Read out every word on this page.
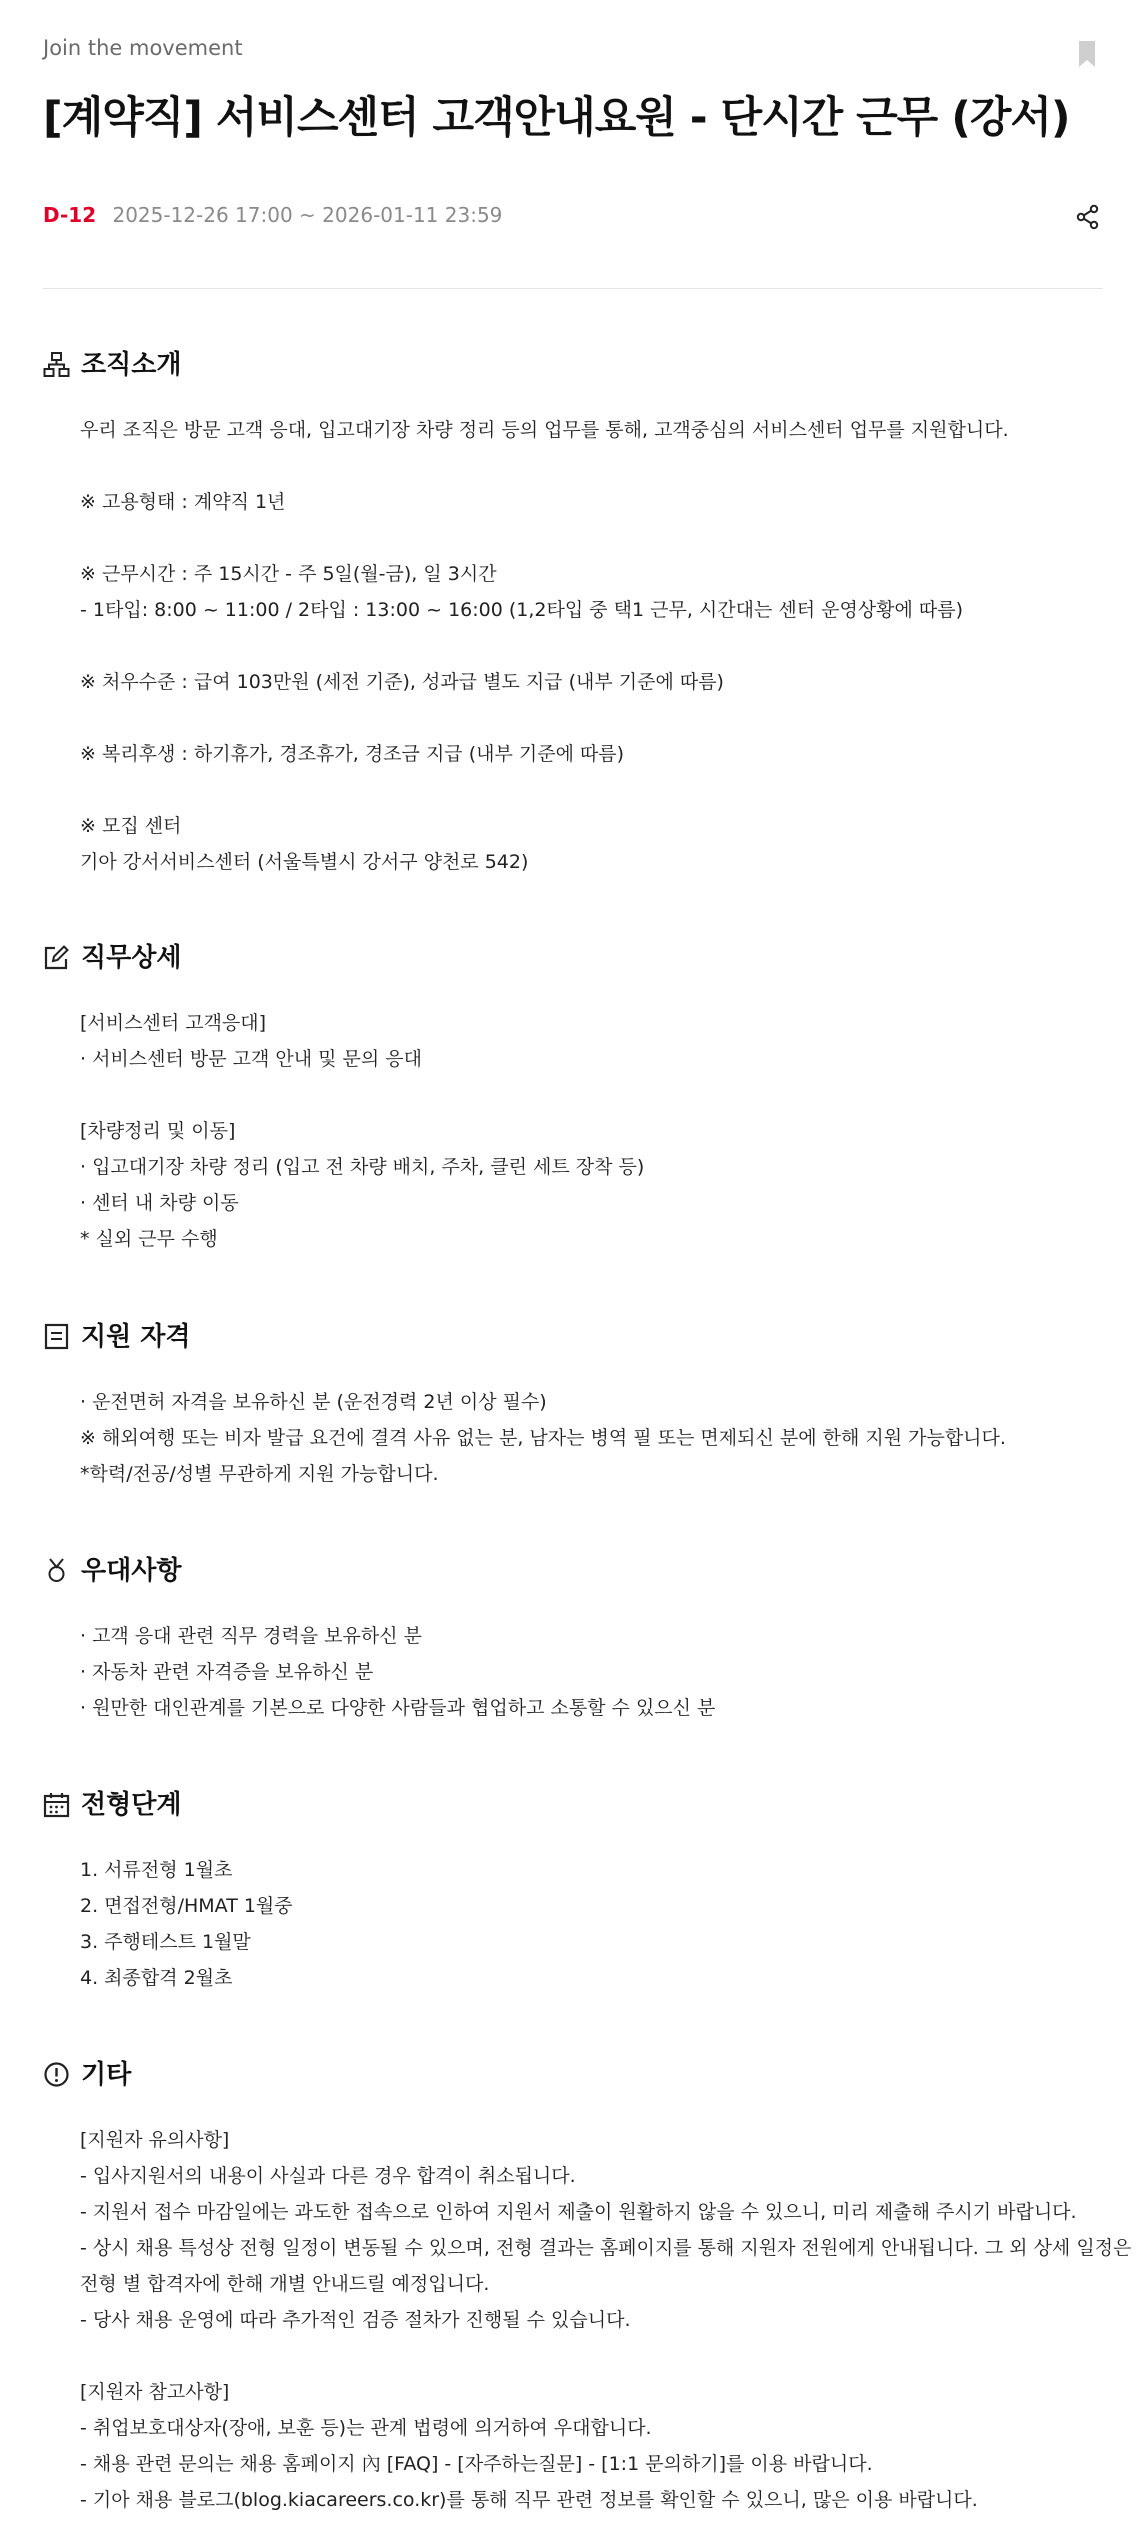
Join the movement
[계약직] 서비스센터 고객안내요원 - 단시간 근무 (강서)
D-12 2025-12-26 17:00 ~ 2026-01-11 23:59
조직소개
우리 조직은 방문 고객 응대, 입고대기장 차량 정리 등의 업무를 통해, 고객중심의 서비스센터 업무를 지원합니다.
※ 고용형태 : 계약직 1년
※ 근무시간 : 주 15시간 - 주 5일(월-금), 일 3시간
- 1타입: 8:00 ~ 11:00 / 2타입 : 13:00 ~ 16:00 (1,2타입 중 택1 근무, 시간대는 센터 운영상황에 따름)
※ 처우수준 : 급여 103만원 (세전 기준), 성과급 별도 지급 (내부 기준에 따름)
※ 복리후생 : 하기휴가, 경조휴가, 경조금 지급 (내부 기준에 따름)
※ 모집 센터
기아 강서서비스센터 (서울특별시 강서구 양천로 542)
직무상세
[서비스센터 고객응대]
· 서비스센터 방문 고객 안내 및 문의 응대
[차량정리 및 이동]
· 입고대기장 차량 정리 (입고 전 차량 배치, 주차, 클린 세트 장착 등)
· 센터 내 차량 이동
* 실외 근무 수행
지원 자격
· 운전면허 자격을 보유하신 분 (운전경력 2년 이상 필수)
※ 해외여행 또는 비자 발급 요건에 결격 사유 없는 분, 남자는 병역 필 또는 면제되신 분에 한해 지원 가능합니다.
*학력/전공/성별 무관하게 지원 가능합니다.
우대사항
· 고객 응대 관련 직무 경력을 보유하신 분
· 자동차 관련 자격증을 보유하신 분
· 원만한 대인관계를 기본으로 다양한 사람들과 협업하고 소통할 수 있으신 분
전형단계
1. 서류전형 1월초
2. 면접전형/HMAT 1월중
3. 주행테스트 1월말
4. 최종합격 2월초
기타
[지원자 유의사항]
- 입사지원서의 내용이 사실과 다른 경우 합격이 취소됩니다.
- 지원서 접수 마감일에는 과도한 접속으로 인하여 지원서 제출이 원활하지 않을 수 있으니, 미리 제출해 주시기 바랍니다.
- 상시 채용 특성상 전형 일정이 변동될 수 있으며, 전형 결과는 홈페이지를 통해 지원자 전원에게 안내됩니다. 그 외 상세 일정은 전형 별 합격자에 한해 개별 안내드릴 예정입니다.
- 당사 채용 운영에 따라 추가적인 검증 절차가 진행될 수 있습니다.
[지원자 참고사항]
- 취업보호대상자(장애, 보훈 등)는 관계 법령에 의거하여 우대합니다.
- 채용 관련 문의는 채용 홈페이지 內 [FAQ] - [자주하는질문] - [1:1 문의하기]를 이용 바랍니다.
- 기아 채용 블로그(blog.kiacareers.co.kr)를 통해 직무 관련 정보를 확인할 수 있으니, 많은 이용 바랍니다.
